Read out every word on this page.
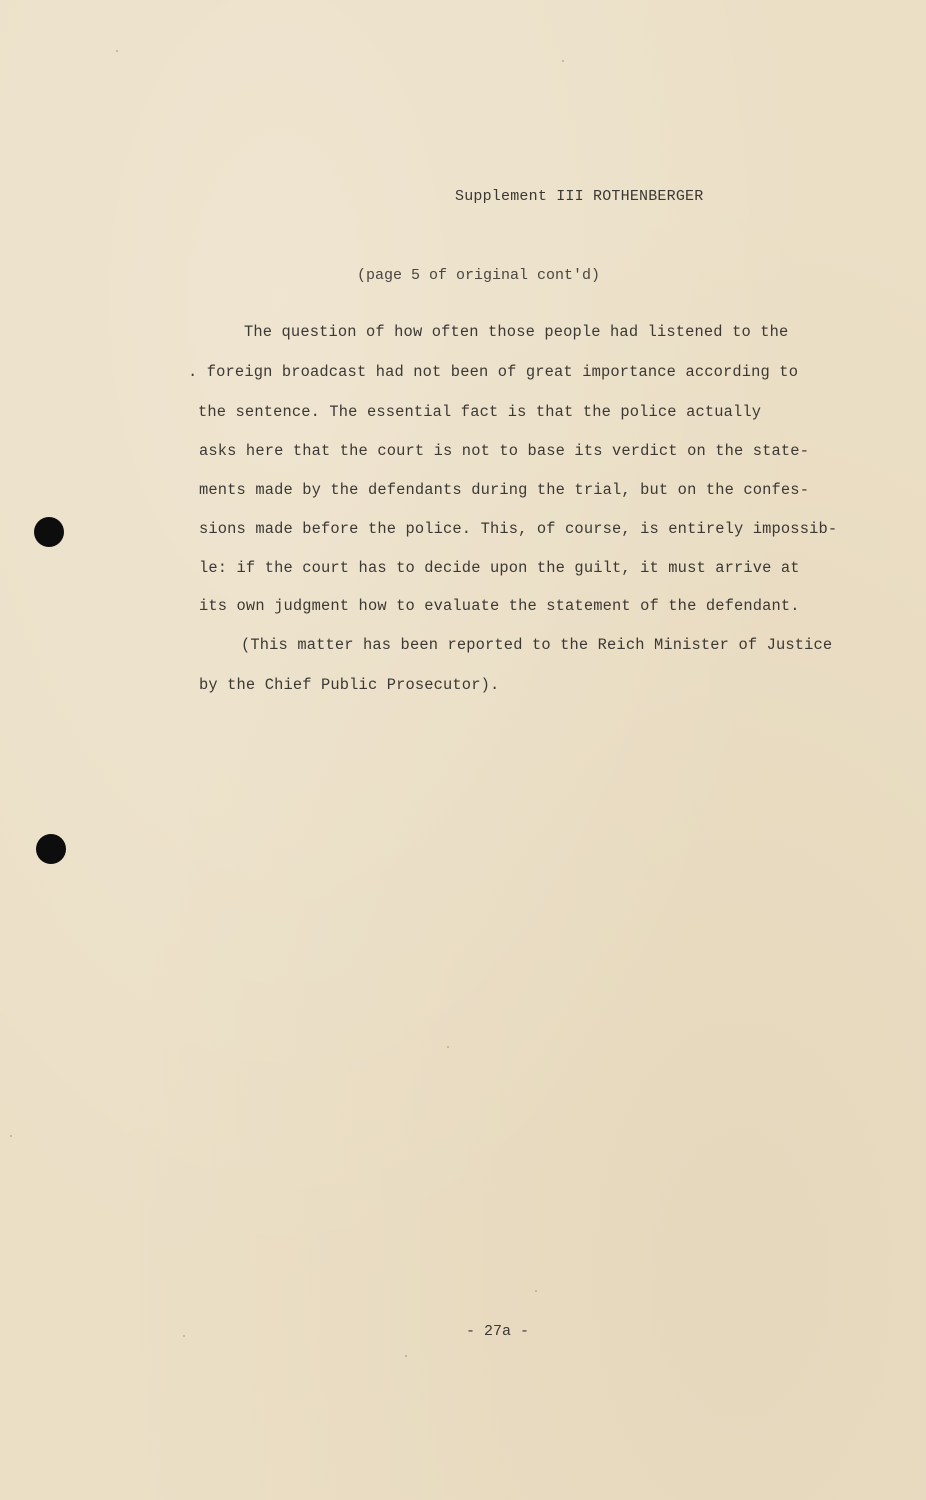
Supplement III ROTHENBERGER
(page 5 of original cont'd)
The question of how often those people had listened to the
. foreign broadcast had not been of great importance according to
the sentence. The essential fact is that the police actually
asks here that the court is not to base its verdict on the state-
ments made by the defendants during the trial, but on the confes-
sions made before the police. This, of course, is entirely impossib-
le: if the court has to decide upon the guilt, it must arrive at
its own judgment how to evaluate the statement of the defendant.
(This matter has been reported to the Reich Minister of Justice
by the Chief Public Prosecutor).
- 27a -
